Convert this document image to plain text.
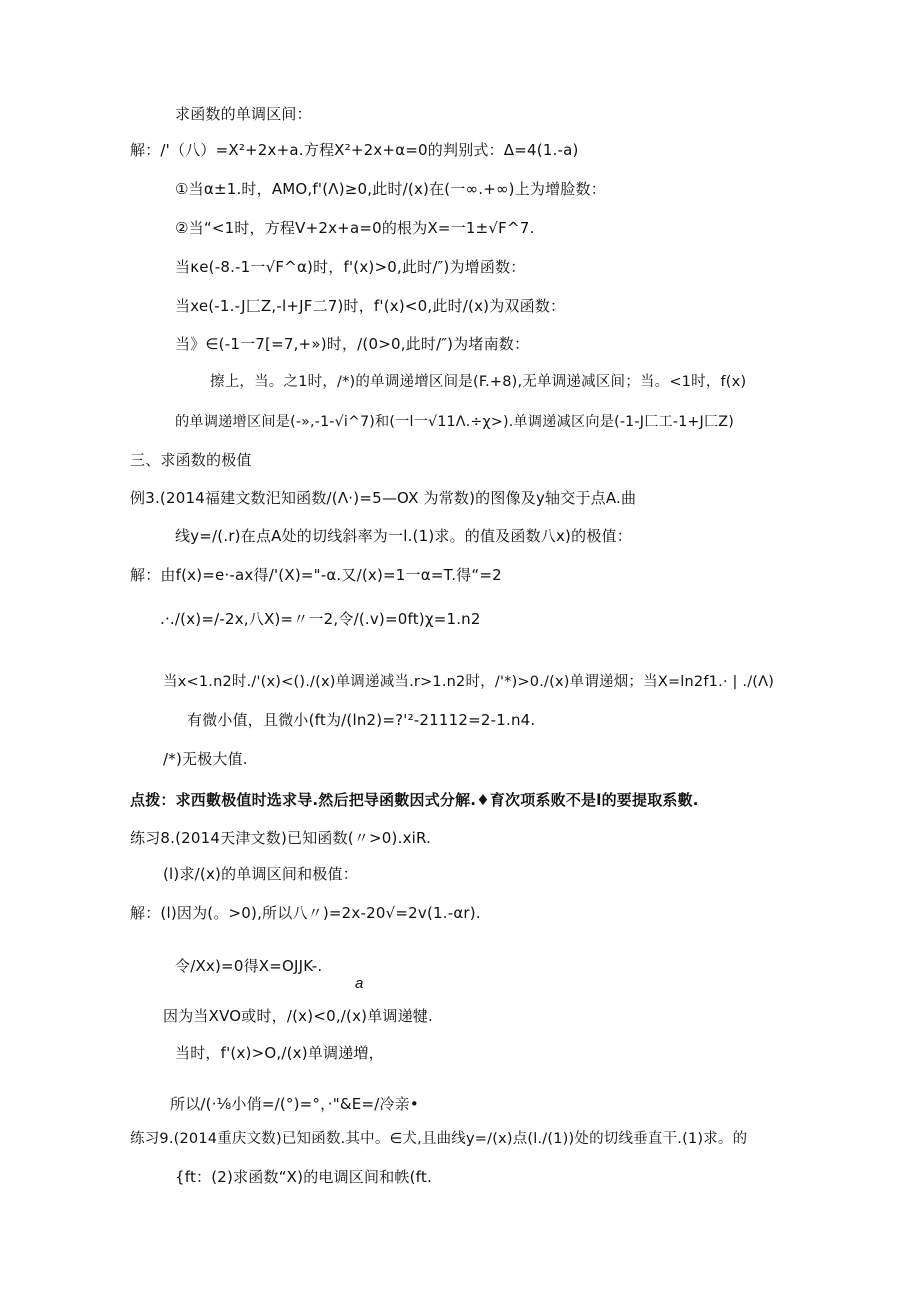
求函数的单调区间：
解：/'（八）=X²+2x+a.方程X²+2x+α=0的判别式：Δ=4(1.-a)
①当α±1.时，AMO,f'(Λ)≥0,此时/(x)在(一∞.+∞)上为增脸数：
②当“<1时，方程V+2x+a=0的根为X=一1±√F^7.
当κe(-8.-1一√F^α)时，f'(x)>0,此时/″)为增函数：
当xe(-1.-J匚Z,-l+JF二7)时，f'(x)<0,此时/(x)为双函数：
当》∈(-1一7[=7,+»)时，/(0>0,此时/″)为堵南数：
擦上，当。之1时，/*)的单调递增区间是(F.+8),无单调递减区间；当。<1时，f(x)
的单调递增区间是(-»,-1-√i^7)和(一l一√11Λ.÷χ>).单调递减区向是(-1-J匚工-1+J匚Z)
三、求函数的极值
例3.(2014福建文数汜知函数/(Λ·)=5—OX 为常数)的图像及y轴交于点A.曲
线y=/(.r)在点A处的切线斜率为一l.(1)求。的值及函数八x)的极值：
解：由f(x)=e·-ax得/'(X)="-α.又/(x)=1一α=T.得“=2
.·./(x)=/-2x,八X)=〃一2,令/(.v)=0ft)χ=1.n2
当x<1.n2时./'(x)<()./(x)单调递减当.r>1.n2时，/'*)>0./(x)单谓递烟；当X=ln2f1.· | ./(Λ)
有微小值，且微小(ft为/(ln2)=?'²-21112=2-1.n4.
/*)无极大值.
点拨：求西數极值时选求导.然后把导函數因式分解.♦育次项系败不是l的要提取系數.
练习8.(2014天津文数)已知函数(〃>0).xiR.
(l)求/(x)的单调区间和极值：
解：(l)因为(。>0),所以八〃)=2x-20√=2v(1.-αr).
令/Xx)=0得X=OJJK-.
a
因为当XVO或时，/(x)<0,/(x)单调递犍.
当时，f'(x)>O,/(x)单调递増，
所以/(·⅛小俏=/(°)=°，·"&E=/冷亲•
练习9.(2014重庆文数)已知函数.其中。∈犬,且曲线y=/(x)点(l./(1))处的切线垂直干.(1)求。的
{ft：(2)求函数“X)的电调区间和帙(ft.
